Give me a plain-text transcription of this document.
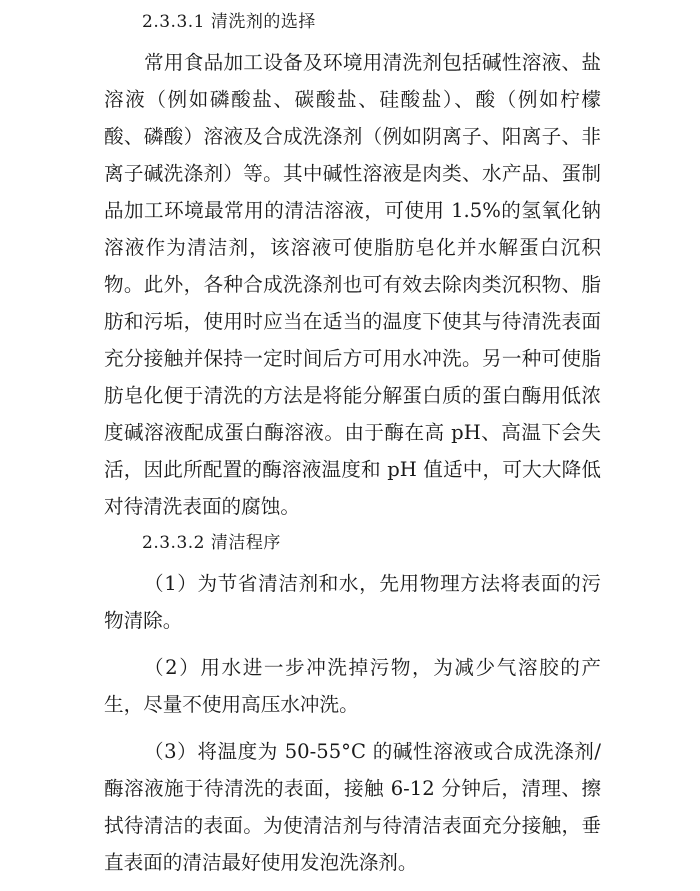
2.3.3.1 清洗剂的选择

常用食品加工设备及环境用清洗剂包括碱性溶液、盐溶液（例如磷酸盐、碳酸盐、硅酸盐）、酸（例如柠檬酸、磷酸）溶液及合成洗涤剂（例如阴离子、阳离子、非离子碱洗涤剂）等。其中碱性溶液是肉类、水产品、蛋制品加工环境最常用的清洁溶液，可使用 1.5%的氢氧化钠溶液作为清洁剂，该溶液可使脂肪皂化并水解蛋白沉积物。此外，各种合成洗涤剂也可有效去除肉类沉积物、脂肪和污垢，使用时应当在适当的温度下使其与待清洗表面充分接触并保持一定时间后方可用水冲洗。另一种可使脂肪皂化便于清洗的方法是将能分解蛋白质的蛋白酶用低浓度碱溶液配成蛋白酶溶液。由于酶在高 pH、高温下会失活，因此所配置的酶溶液温度和 pH 值适中，可大大降低对待清洗表面的腐蚀。

2.3.3.2 清洁程序

（1）为节省清洁剂和水，先用物理方法将表面的污物清除。

（2）用水进一步冲洗掉污物，为减少气溶胶的产生，尽量不使用高压水冲洗。

（3）将温度为 50-55°C 的碱性溶液或合成洗涤剂/酶溶液施于待清洗的表面，接触 6-12 分钟后，清理、擦拭待清洁的表面。为使清洁剂与待清洁表面充分接触，垂直表面的清洁最好使用发泡洗涤剂。
